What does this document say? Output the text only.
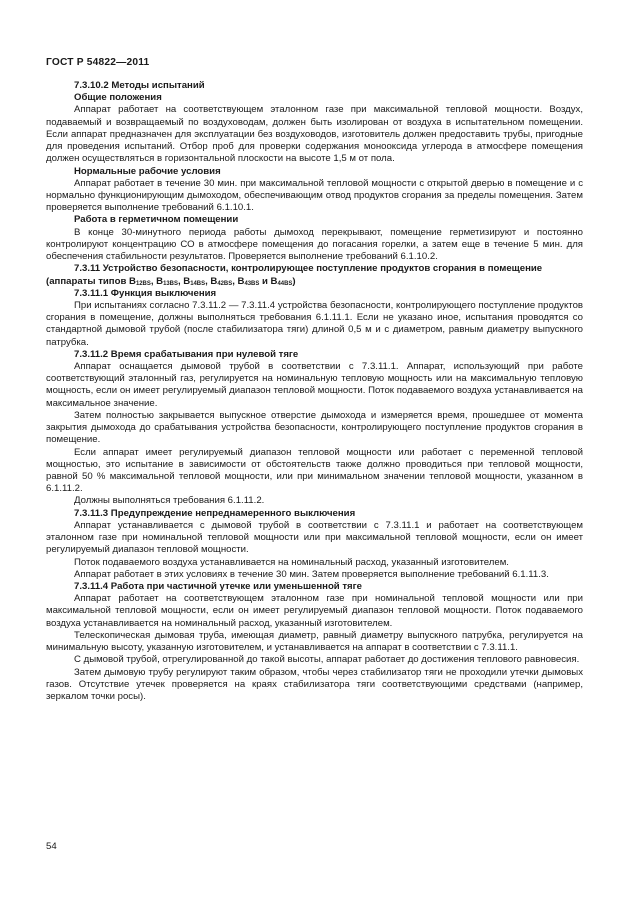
ГОСТ Р 54822—2011

7.3.10.2 Методы испытаний

Общие положения

Аппарат работает на соответствующем эталонном газе при максимальной тепловой мощности. Воздух, подаваемый и возвращаемый по воздуховодам, должен быть изолирован от воздуха в испытательном помещении. Если аппарат предназначен для эксплуатации без воздуховодов, изготовитель должен предоставить трубы, пригодные для проведения испытаний. Отбор проб для проверки содержания монооксида углерода в атмосфере помещения должен осуществляться в горизонтальной плоскости на высоте 1,5 м от пола.

Нормальные рабочие условия

Аппарат работает в течение 30 мин. при максимальной тепловой мощности с открытой дверью в помещение и с нормально функционирующим дымоходом, обеспечивающим отвод продуктов сгорания за пределы помещения. Затем проверяется выполнение требований 6.1.10.1.

Работа в герметичном помещении

В конце 30-минутного периода работы дымоход перекрывают, помещение герметизируют и постоянно контролируют концентрацию СО в атмосфере помещения до погасания горелки, а затем еще в течение 5 мин. для обеспечения стабильности результатов. Проверяется выполнение требований 6.1.10.2.

7.3.11 Устройство безопасности, контролирующее поступление продуктов сгорания в помещение (аппараты типов $B_{12BS}$, $B_{13BS}$, $B_{14BS}$, $B_{42BS}$, $B_{43BS}$ и $B_{44BS}$)

7.3.11.1 Функция выключения

При испытаниях согласно 7.3.11.2 — 7.3.11.4 устройства безопасности, контролирующего поступление продуктов сгорания в помещение, должны выполняться требования 6.1.11.1. Если не указано иное, испытания проводятся со стандартной дымовой трубой (после стабилизатора тяги) длиной 0,5 м и с диаметром, равным диаметру выпускного патрубка.

7.3.11.2 Время срабатывания при нулевой тяге

Аппарат оснащается дымовой трубой в соответствии с 7.3.11.1. Аппарат, использующий при работе соответствующий эталонный газ, регулируется на номинальную тепловую мощность или на максимальную тепловую мощность, если он имеет регулируемый диапазон тепловой мощности. Поток подаваемого воздуха устанавливается на максимальное значение.

Затем полностью закрывается выпускное отверстие дымохода и измеряется время, прошедшее от момента закрытия дымохода до срабатывания устройства безопасности, контролирующего поступление продуктов сгорания в помещение.

Если аппарат имеет регулируемый диапазон тепловой мощности или работает с переменной тепловой мощностью, это испытание в зависимости от обстоятельств также должно проводиться при тепловой мощности, равной 50 % максимальной тепловой мощности, или при минимальном значении тепловой мощности, указанном в 6.1.11.2.

Должны выполняться требования 6.1.11.2.

7.3.11.3 Предупреждение непреднамеренного выключения

Аппарат устанавливается с дымовой трубой в соответствии с 7.3.11.1 и работает на соответствующем эталонном газе при номинальной тепловой мощности или при максимальной тепловой мощности, если он имеет регулируемый диапазон тепловой мощности.

Поток подаваемого воздуха устанавливается на номинальный расход, указанный изготовителем.

Аппарат работает в этих условиях в течение 30 мин. Затем проверяется выполнение требований 6.1.11.3.

7.3.11.4 Работа при частичной утечке или уменьшенной тяге

Аппарат работает на соответствующем эталонном газе при номинальной тепловой мощности или при максимальной тепловой мощности, если он имеет регулируемый диапазон тепловой мощности. Поток подаваемого воздуха устанавливается на номинальный расход, указанный изготовителем.

Телескопическая дымовая труба, имеющая диаметр, равный диаметру выпускного патрубка, регулируется на минимальную высоту, указанную изготовителем, и устанавливается на аппарат в соответствии с 7.3.11.1.

С дымовой трубой, отрегулированной до такой высоты, аппарат работает до достижения теплового равновесия.

Затем дымовую трубу регулируют таким образом, чтобы через стабилизатор тяги не проходили утечки дымовых газов. Отсутствие утечек проверяется на краях стабилизатора тяги соответствующими средствами (например, зеркалом точки росы).

54
